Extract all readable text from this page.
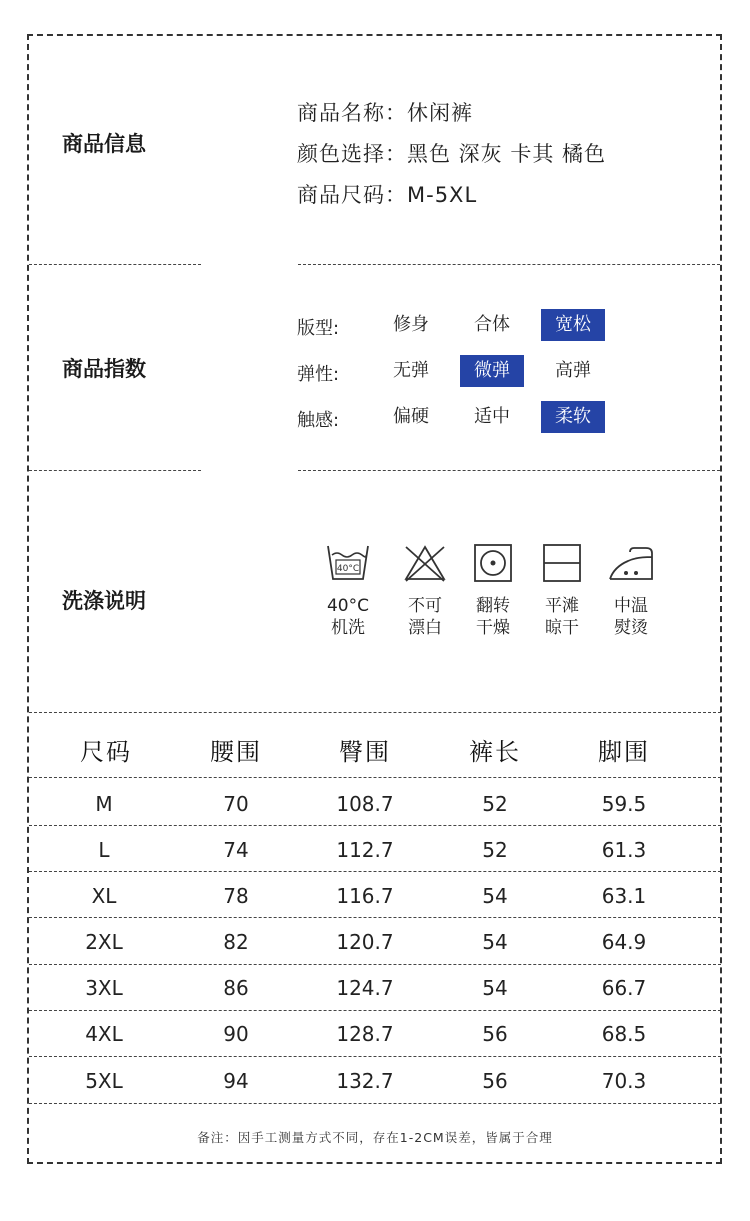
商品信息
商品名称：休闲裤
颜色选择：黑色 深灰 卡其 橘色
商品尺码：M-5XL
商品指数
版型:	修身	合体	宽松
弹性:	无弹	微弹	高弹
触感:	偏硬	适中	柔软
洗涤说明
40°C
40°C
机洗
不可
漂白
翻转
干燥
平滩
晾干
中温
熨烫
尺码	腰围	臀围	裤长	脚围
M	70	108.7	52	59.5
L	74	112.7	52	61.3
XL	78	116.7	54	63.1
2XL	82	120.7	54	64.9
3XL	86	124.7	54	66.7
4XL	90	128.7	56	68.5
5XL	94	132.7	56	70.3
备注：因手工测量方式不同，存在1-2CM误差，皆属于合理
